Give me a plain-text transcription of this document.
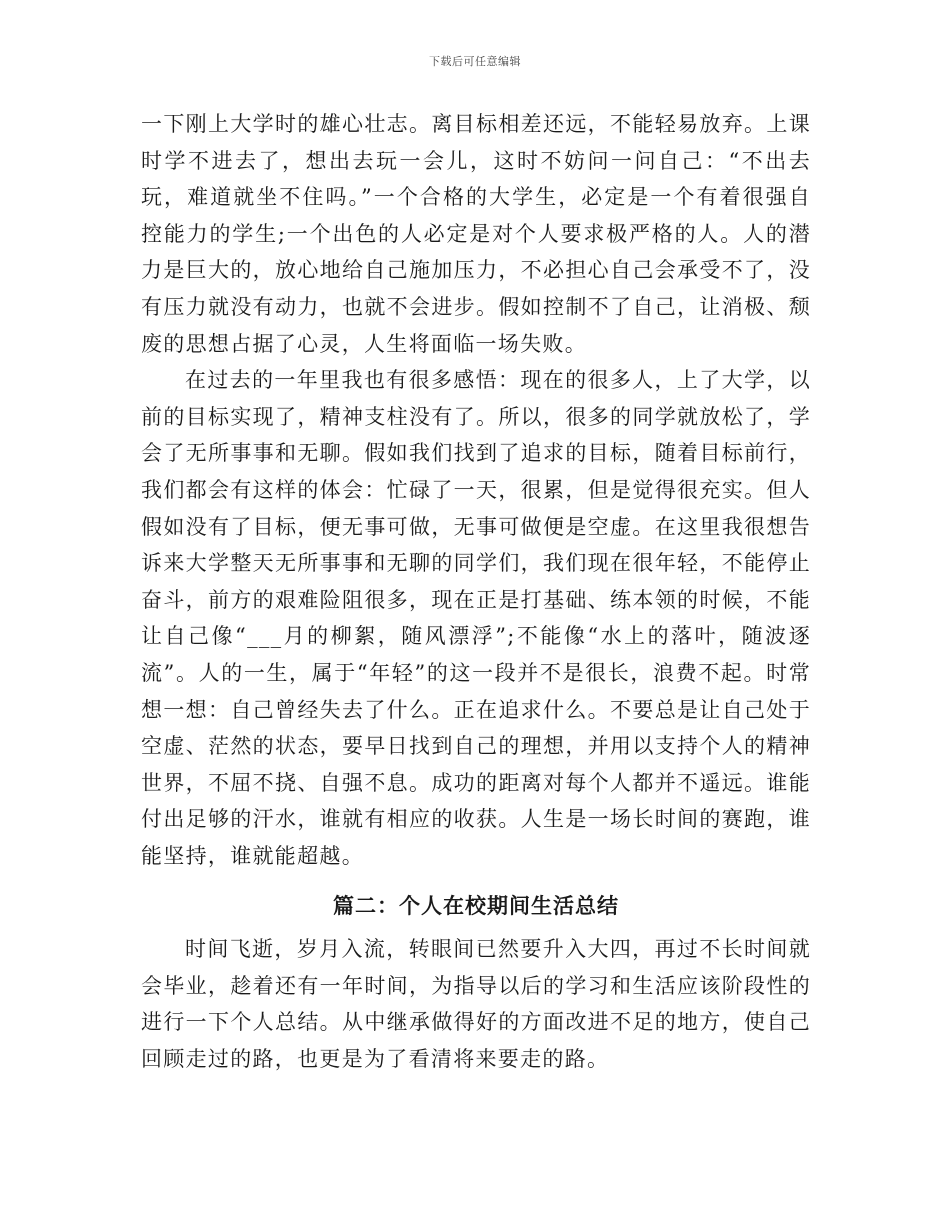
下载后可任意编辑

一下刚上大学时的雄心壮志。离目标相差还远，不能轻易放弃。上课时学不进去了，想出去玩一会儿，这时不妨问一问自己：“不出去玩，难道就坐不住吗。”一个合格的大学生，必定是一个有着很强自控能力的学生;一个出色的人必定是对个人要求极严格的人。人的潜力是巨大的，放心地给自己施加压力，不必担心自己会承受不了，没有压力就没有动力，也就不会进步。假如控制不了自己，让消极、颓废的思想占据了心灵，人生将面临一场失败。

在过去的一年里我也有很多感悟：现在的很多人，上了大学，以前的目标实现了，精神支柱没有了。所以，很多的同学就放松了，学会了无所事事和无聊。假如我们找到了追求的目标，随着目标前行，我们都会有这样的体会：忙碌了一天，很累，但是觉得很充实。但人假如没有了目标，便无事可做，无事可做便是空虚。在这里我很想告诉来大学整天无所事事和无聊的同学们，我们现在很年轻，不能停止奋斗，前方的艰难险阻很多，现在正是打基础、练本领的时候，不能让自己像“___月的柳絮，随风漂浮”;不能像“水上的落叶，随波逐流”。人的一生，属于“年轻”的这一段并不是很长，浪费不起。时常想一想：自己曾经失去了什么。正在追求什么。不要总是让自己处于空虚、茫然的状态，要早日找到自己的理想，并用以支持个人的精神世界，不屈不挠、自强不息。成功的距离对每个人都并不遥远。谁能付出足够的汗水，谁就有相应的收获。人生是一场长时间的赛跑，谁能坚持，谁就能超越。

篇二：个人在校期间生活总结

时间飞逝，岁月入流，转眼间已然要升入大四，再过不长时间就会毕业，趁着还有一年时间，为指导以后的学习和生活应该阶段性的进行一下个人总结。从中继承做得好的方面改进不足的地方，使自己回顾走过的路，也更是为了看清将来要走的路。
